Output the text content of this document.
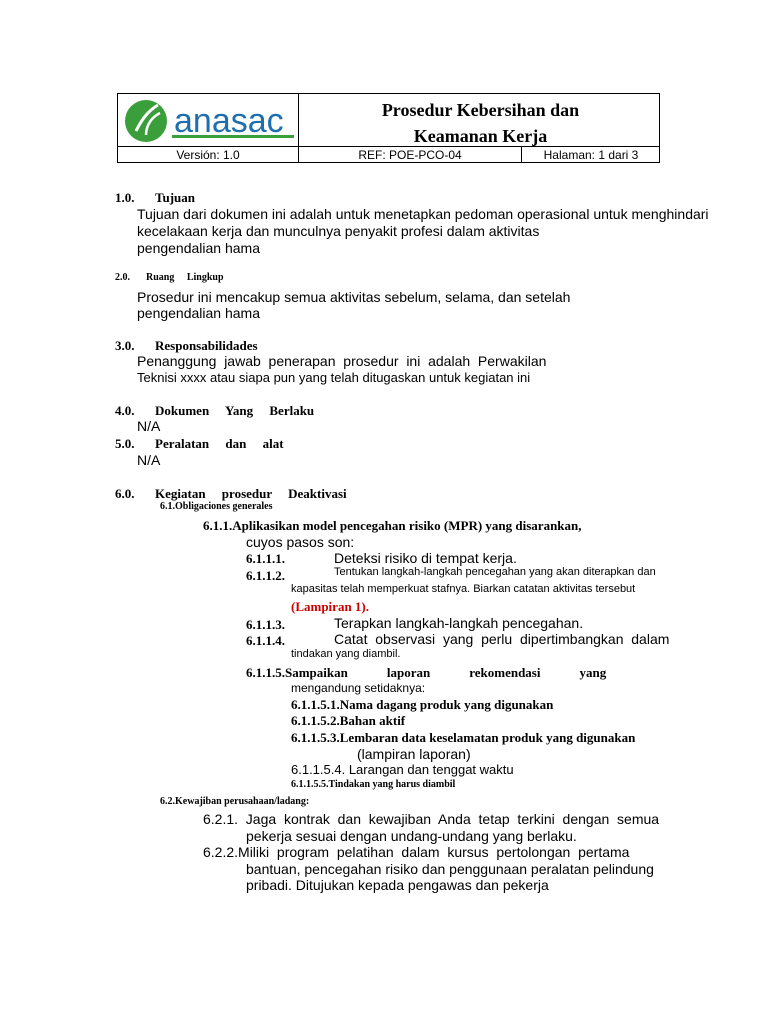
anasac	Prosedur Kebersihan dan
Keamanan Kerja
Versión: 1.0	REF: POE-PCO-04	Halaman: 1 dari 3
1.0. Tujuan
Tujuan dari dokumen ini adalah untuk menetapkan pedoman operasional untuk menghindari
kecelakaan kerja dan munculnya penyakit profesi dalam aktivitas
pengendalian hama
2.0. Ruang     Lingkup
Prosedur ini mencakup semua aktivitas sebelum, selama, dan setelah
pengendalian hama
3.0. Responsabilidades
Penanggung  jawab  penerapan  prosedur  ini  adalah  Perwakilan
Teknisi xxxx atau siapa pun yang telah ditugaskan untuk kegiatan ini
4.0. Dokumen     Yang     Berlaku
N/A
5.0. Peralatan     dan     alat
N/A
6.0. Kegiatan     prosedur     Deaktivasi
6.1.Obligaciones generales
6.1.1.Aplikasikan model pencegahan risiko (MPR) yang disarankan,
cuyos pasos son:
6.1.1.1.	Deteksi risiko di tempat kerja.
6.1.1.2.	Tentukan langkah-langkah pencegahan yang akan diterapkan dan
kapasitas telah memperkuat stafnya. Biarkan catatan aktivitas tersebut
(Lampiran 1).
6.1.1.3.	Terapkan langkah-langkah pencegahan.
6.1.1.4.	Catat  observasi  yang  perlu  dipertimbangkan  dalam
tindakan yang diambil.
6.1.1.5.Sampaikan            laporan            rekomendasi            yang
mengandung setidaknya:
6.1.1.5.1.Nama dagang produk yang digunakan
6.1.1.5.2.Bahan aktif
6.1.1.5.3.Lembaran data keselamatan produk yang digunakan
(lampiran laporan)
6.1.1.5.4. Larangan dan tenggat waktu
6.1.1.5.5.Tindakan yang harus diambil
6.2.Kewajiban perusahaan/ladang:
6.2.1.  Jaga  kontrak  dan  kewajiban  Anda  tetap  terkini  dengan  semua
pekerja sesuai dengan undang-undang yang berlaku.
6.2.2.Miliki  program  pelatihan  dalam  kursus  pertolongan  pertama
bantuan, pencegahan risiko dan penggunaan peralatan pelindung
pribadi. Ditujukan kepada pengawas dan pekerja
